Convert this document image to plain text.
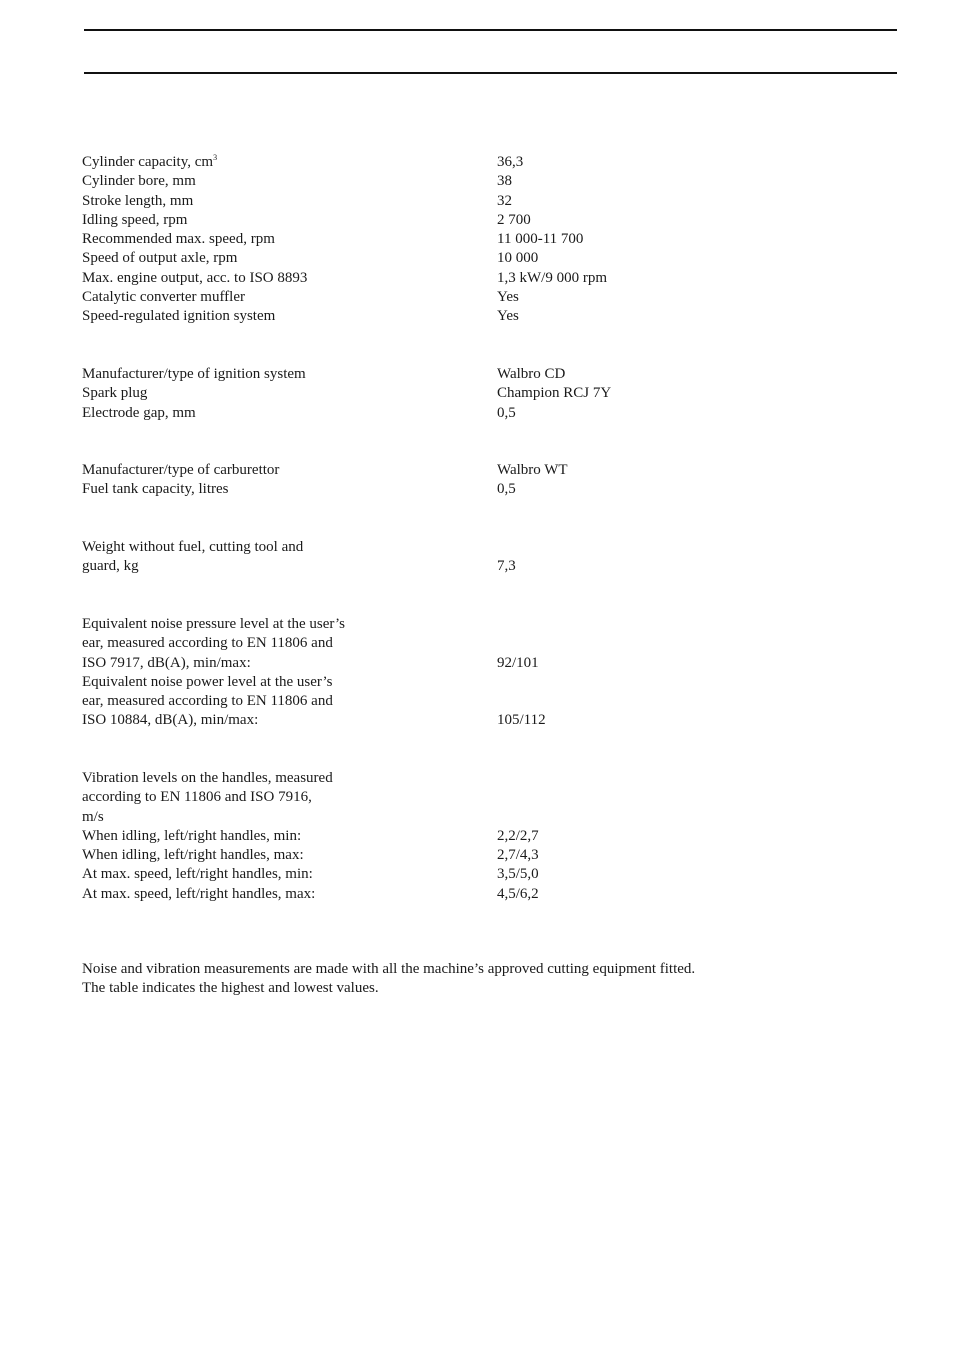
Cylinder capacity, $cm^3$	36,3
Cylinder bore, mm	38
Stroke length, mm	32
Idling speed, rpm	2 700
Recommended max. speed, rpm	11 000-11 700
Speed of output axle, rpm	10 000
Max. engine output, acc. to ISO 8893	1,3 kW/9 000 rpm
Catalytic converter muffler	Yes
Speed-regulated ignition system	Yes
Manufacturer/type of ignition system	Walbro CD
Spark plug	Champion RCJ 7Y
Electrode gap, mm	0,5
Manufacturer/type of carburettor	Walbro WT
Fuel tank capacity, litres	0,5
Weight without fuel, cutting tool and
guard, kg	7,3
Equivalent noise pressure level at the user’s
ear, measured according to EN 11806 and
ISO 7917, dB(A), min/max:	92/101
Equivalent noise power level at the user’s
ear, measured according to EN 11806 and
ISO 10884, dB(A), min/max:	105/112
Vibration levels on the handles, measured
according to EN 11806 and ISO 7916,
m/s
When idling, left/right handles, min:	2,2/2,7
When idling, left/right handles, max:	2,7/4,3
At max. speed, left/right handles, min:	3,5/5,0
At max. speed, left/right handles, max:	4,5/6,2
Noise and vibration measurements are made with all the machine’s approved cutting equipment fitted.
The table indicates the highest and lowest values.
